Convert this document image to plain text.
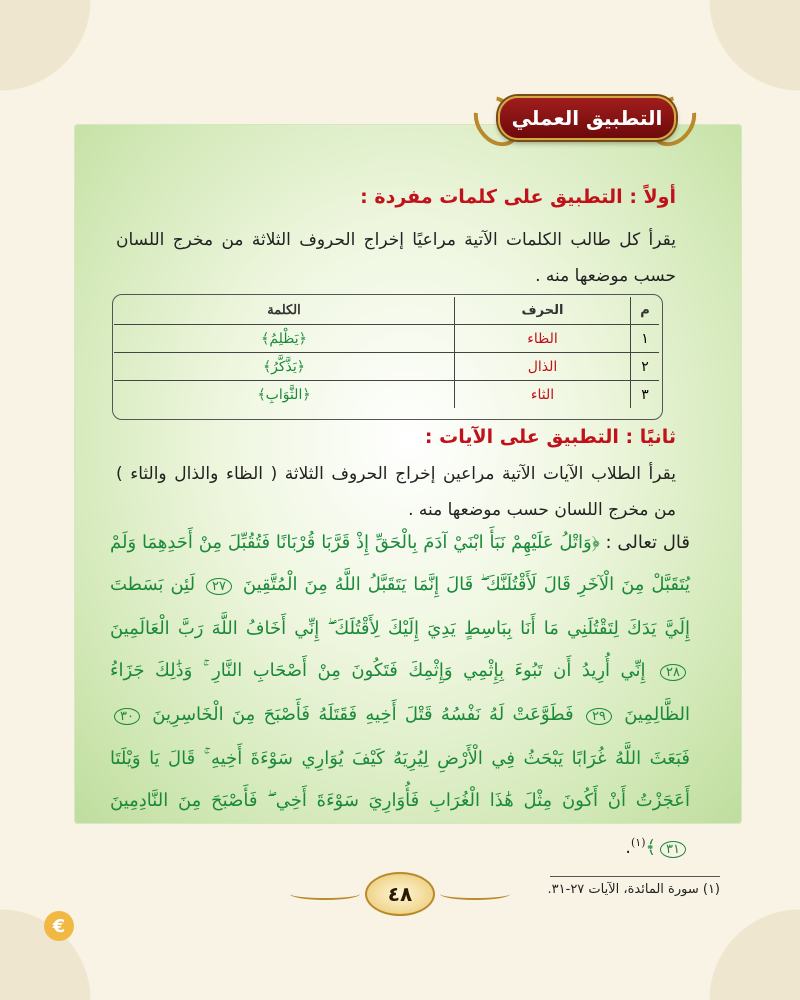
التطبيق العملي
أولاً : التطبيق على كلمات مفردة :
يقرأ كل طالب الكلمات الآتية مراعيًا إخراج الحروف الثلاثة من مخرج اللسان حسب موضعها منه .
م	الحرف	الكلمة
١	الظاء	﴿يَظْلِمُ﴾
٢	الذال	﴿يَذَّكَّرُ﴾
٣	الثاء	﴿الثَّوَابِ﴾
ثانيًا : التطبيق على الآيات :
يقرأ الطلاب الآيات الآتية مراعين إخراج الحروف الثلاثة ( الظاء والذال والثاء ) من مخرج اللسان حسب موضعها منه .
قال تعالى : ﴿وَاتْلُ عَلَيْهِمْ نَبَأَ ابْنَيْ آدَمَ بِالْحَقِّ إِذْ قَرَّبَا قُرْبَانًا فَتُقُبِّلَ مِنْ أَحَدِهِمَا وَلَمْ يُتَقَبَّلْ مِنَ الْآخَرِ قَالَ لَأَقْتُلَنَّكَ ۖ قَالَ إِنَّمَا يَتَقَبَّلُ اللَّهُ مِنَ الْمُتَّقِينَ ٢٧ لَئِن بَسَطتَ إِلَيَّ يَدَكَ لِتَقْتُلَنِي مَا أَنَا بِبَاسِطٍ يَدِيَ إِلَيْكَ لِأَقْتُلَكَ ۖ إِنِّي أَخَافُ اللَّهَ رَبَّ الْعَالَمِينَ ٢٨ إِنِّي أُرِيدُ أَن تَبُوءَ بِإِثْمِي وَإِثْمِكَ فَتَكُونَ مِنْ أَصْحَابِ النَّارِ ۚ وَذَٰلِكَ جَزَاءُ الظَّالِمِينَ ٢٩ فَطَوَّعَتْ لَهُ نَفْسُهُ قَتْلَ أَخِيهِ فَقَتَلَهُ فَأَصْبَحَ مِنَ الْخَاسِرِينَ ٣٠ فَبَعَثَ اللَّهُ غُرَابًا يَبْحَثُ فِي الْأَرْضِ لِيُرِيَهُ كَيْفَ يُوَارِي سَوْءَةَ أَخِيهِ ۚ قَالَ يَا وَيْلَتَا أَعَجَزْتُ أَنْ أَكُونَ مِثْلَ هَٰذَا الْغُرَابِ فَأُوَارِيَ سَوْءَةَ أَخِي ۖ فَأَصْبَحَ مِنَ النَّادِمِينَ ٣١﴾$^{(١)}$.
٤٨	(١) سورة المائدة، الآيات ٢٧-٣١.
€
